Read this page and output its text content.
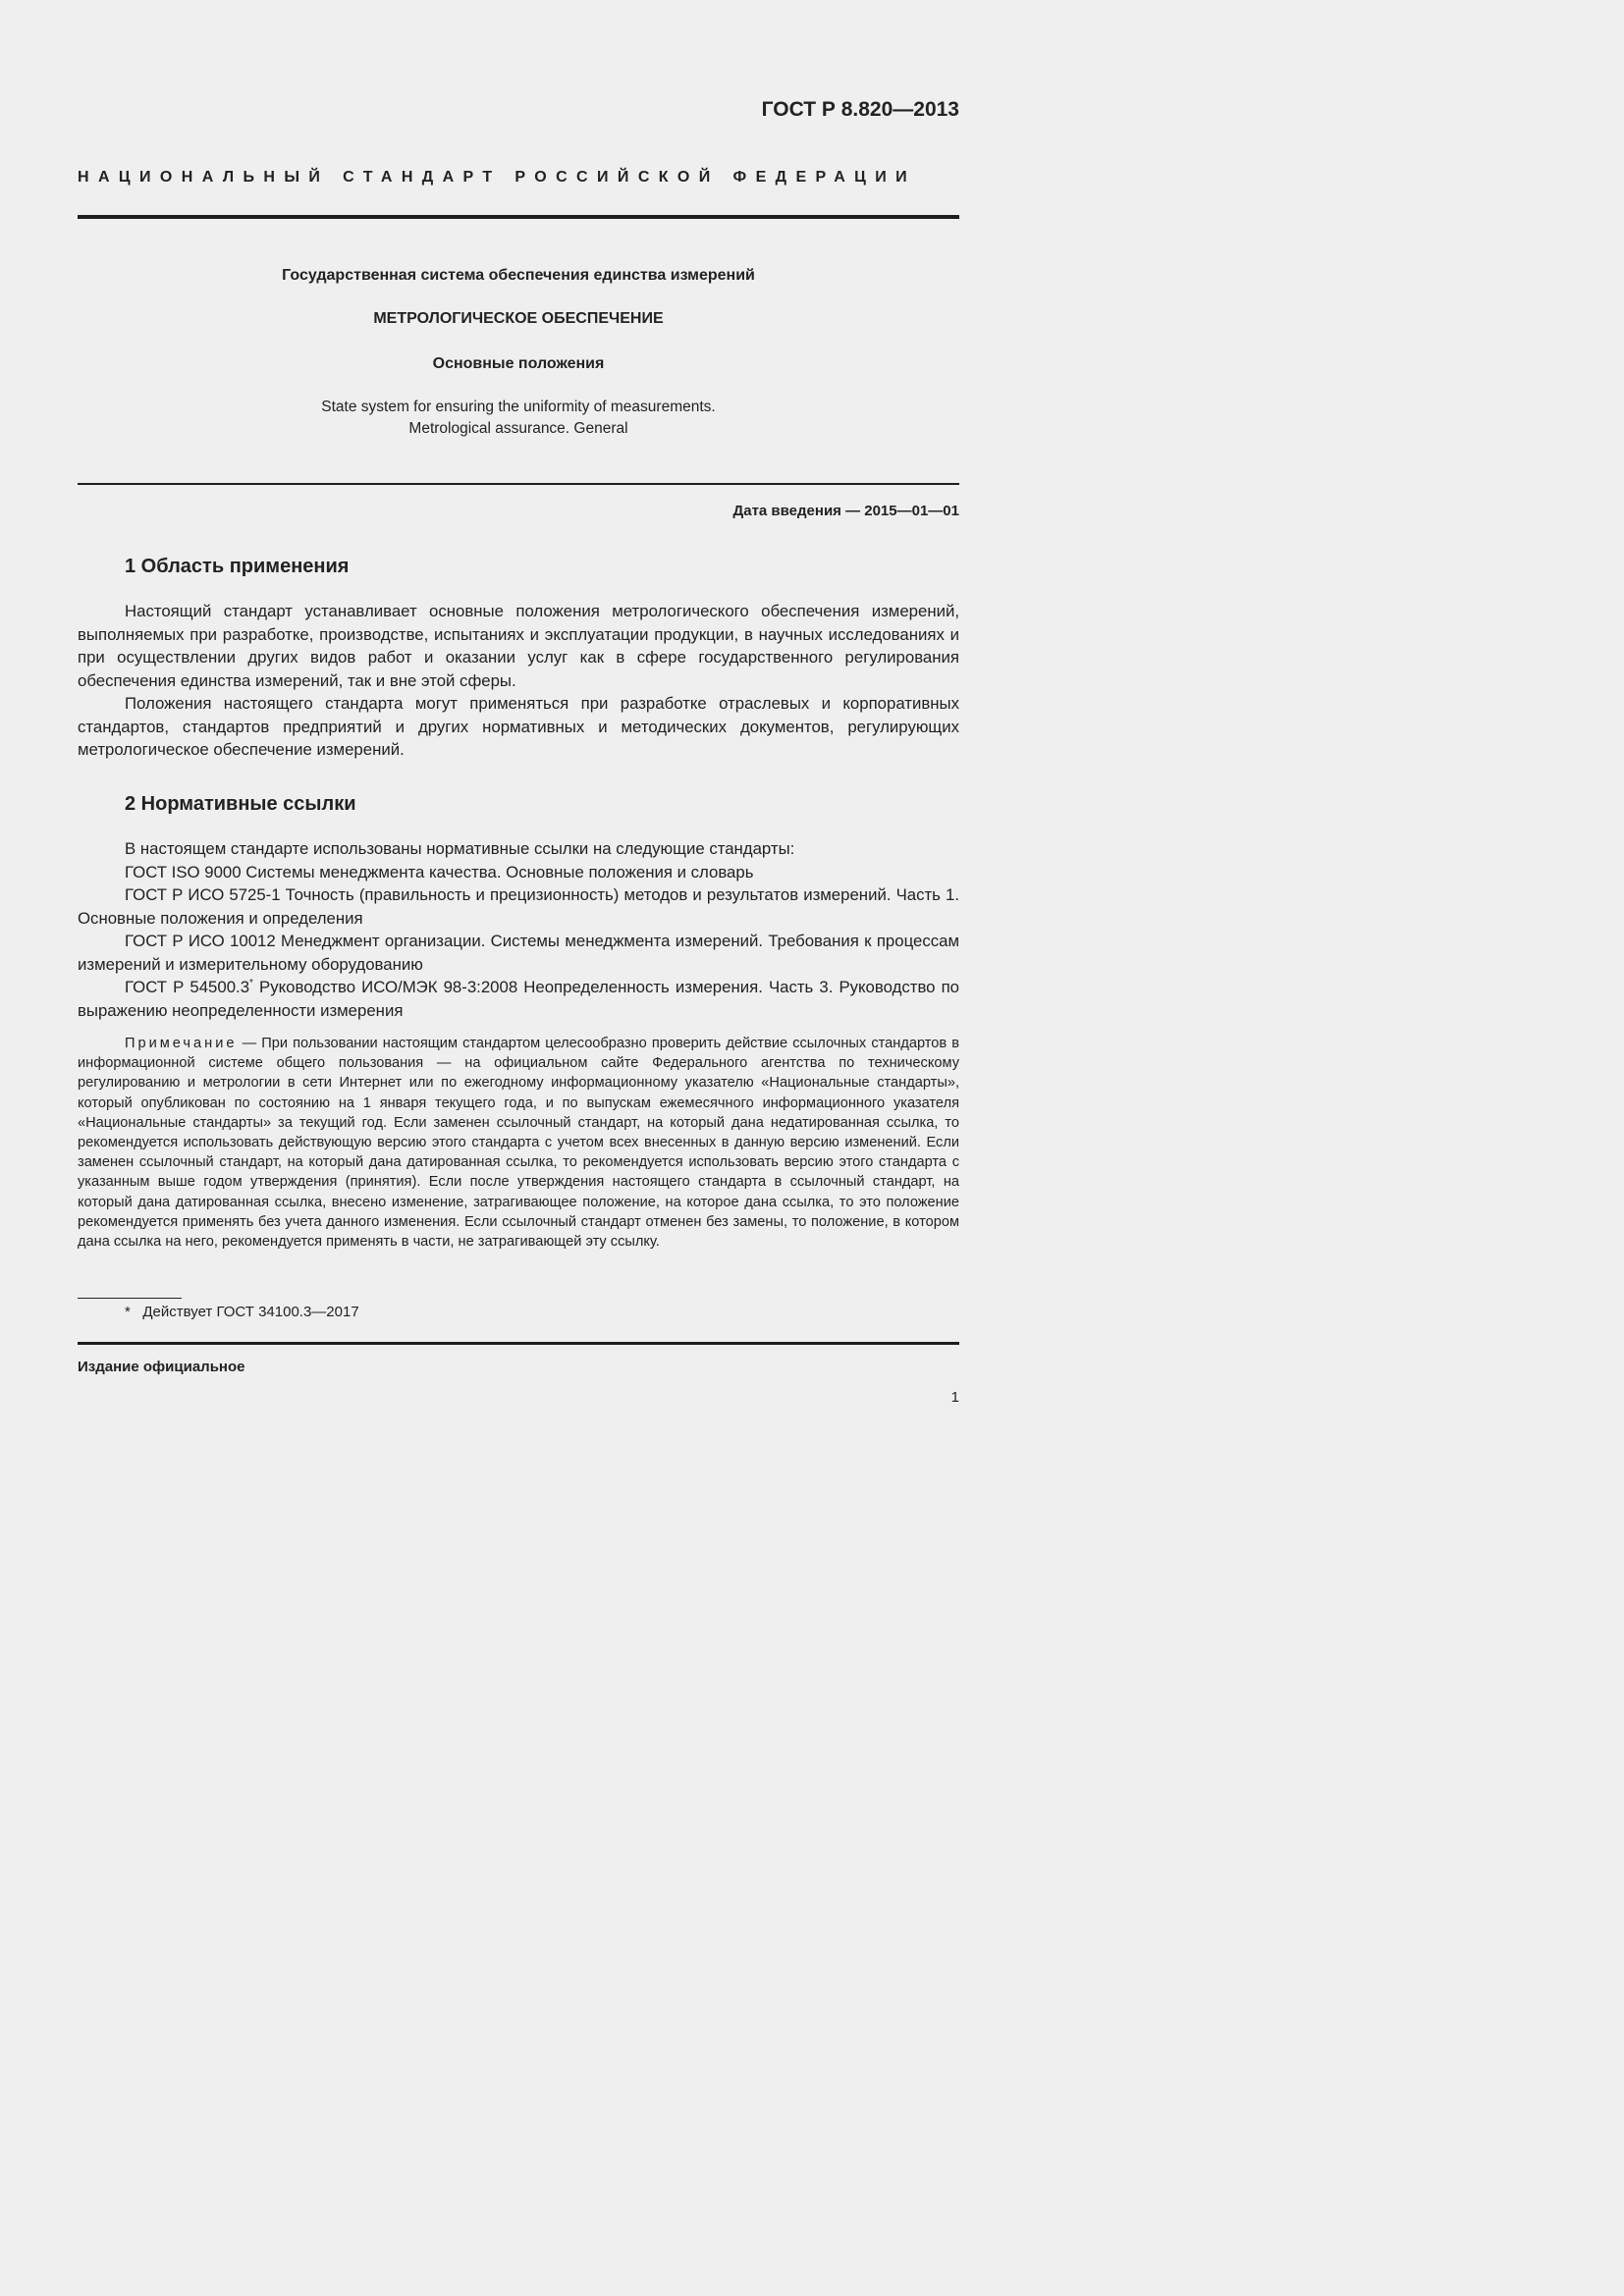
ГОСТ Р 8.820—2013
НАЦИОНАЛЬНЫЙ СТАНДАРТ РОССИЙСКОЙ ФЕДЕРАЦИИ
Государственная система обеспечения единства измерений
МЕТРОЛОГИЧЕСКОЕ ОБЕСПЕЧЕНИЕ
Основные положения
State system for ensuring the uniformity of measurements.
Metrological assurance. General
Дата введения — 2015—01—01
1 Область применения

Настоящий стандарт устанавливает основные положения метрологического обеспечения измерений, выполняемых при разработке, производстве, испытаниях и эксплуатации продукции, в научных исследованиях и при осуществлении других видов работ и оказании услуг как в сфере государственного регулирования обеспечения единства измерений, так и вне этой сферы.

Положения настоящего стандарта могут применяться при разработке отраслевых и корпоративных стандартов, стандартов предприятий и других нормативных и методических документов, регулирующих метрологическое обеспечение измерений.

2 Нормативные ссылки

В настоящем стандарте использованы нормативные ссылки на следующие стандарты:

ГОСТ ISO 9000 Системы менеджмента качества. Основные положения и словарь

ГОСТ Р ИСО 5725-1 Точность (правильность и прецизионность) методов и результатов измерений. Часть 1. Основные положения и определения

ГОСТ Р ИСО 10012 Менеджмент организации. Системы менеджмента измерений. Требования к процессам измерений и измерительному оборудованию

ГОСТ Р 54500.3* Руководство ИСО/МЭК 98-3:2008 Неопределенность измерения. Часть 3. Руководство по выражению неопределенности измерения

Примечание — При пользовании настоящим стандартом целесообразно проверить действие ссылочных стандартов в информационной системе общего пользования — на официальном сайте Федерального агентства по техническому регулированию и метрологии в сети Интернет или по ежегодному информационному указателю «Национальные стандарты», который опубликован по состоянию на 1 января текущего года, и по выпускам ежемесячного информационного указателя «Национальные стандарты» за текущий год. Если заменен ссылочный стандарт, на который дана недатированная ссылка, то рекомендуется использовать действующую версию этого стандарта с учетом всех внесенных в данную версию изменений. Если заменен ссылочный стандарт, на который дана датированная ссылка, то рекомендуется использовать версию этого стандарта с указанным выше годом утверждения (принятия). Если после утверждения настоящего стандарта в ссылочный стандарт, на который дана датированная ссылка, внесено изменение, затрагивающее положение, на которое дана ссылка, то это положение рекомендуется применять без учета данного изменения. Если ссылочный стандарт отменен без замены, то положение, в котором дана ссылка на него, рекомендуется применять в части, не затрагивающей эту ссылку.

* Действует ГОСТ 34100.3—2017
Издание официальное
1
